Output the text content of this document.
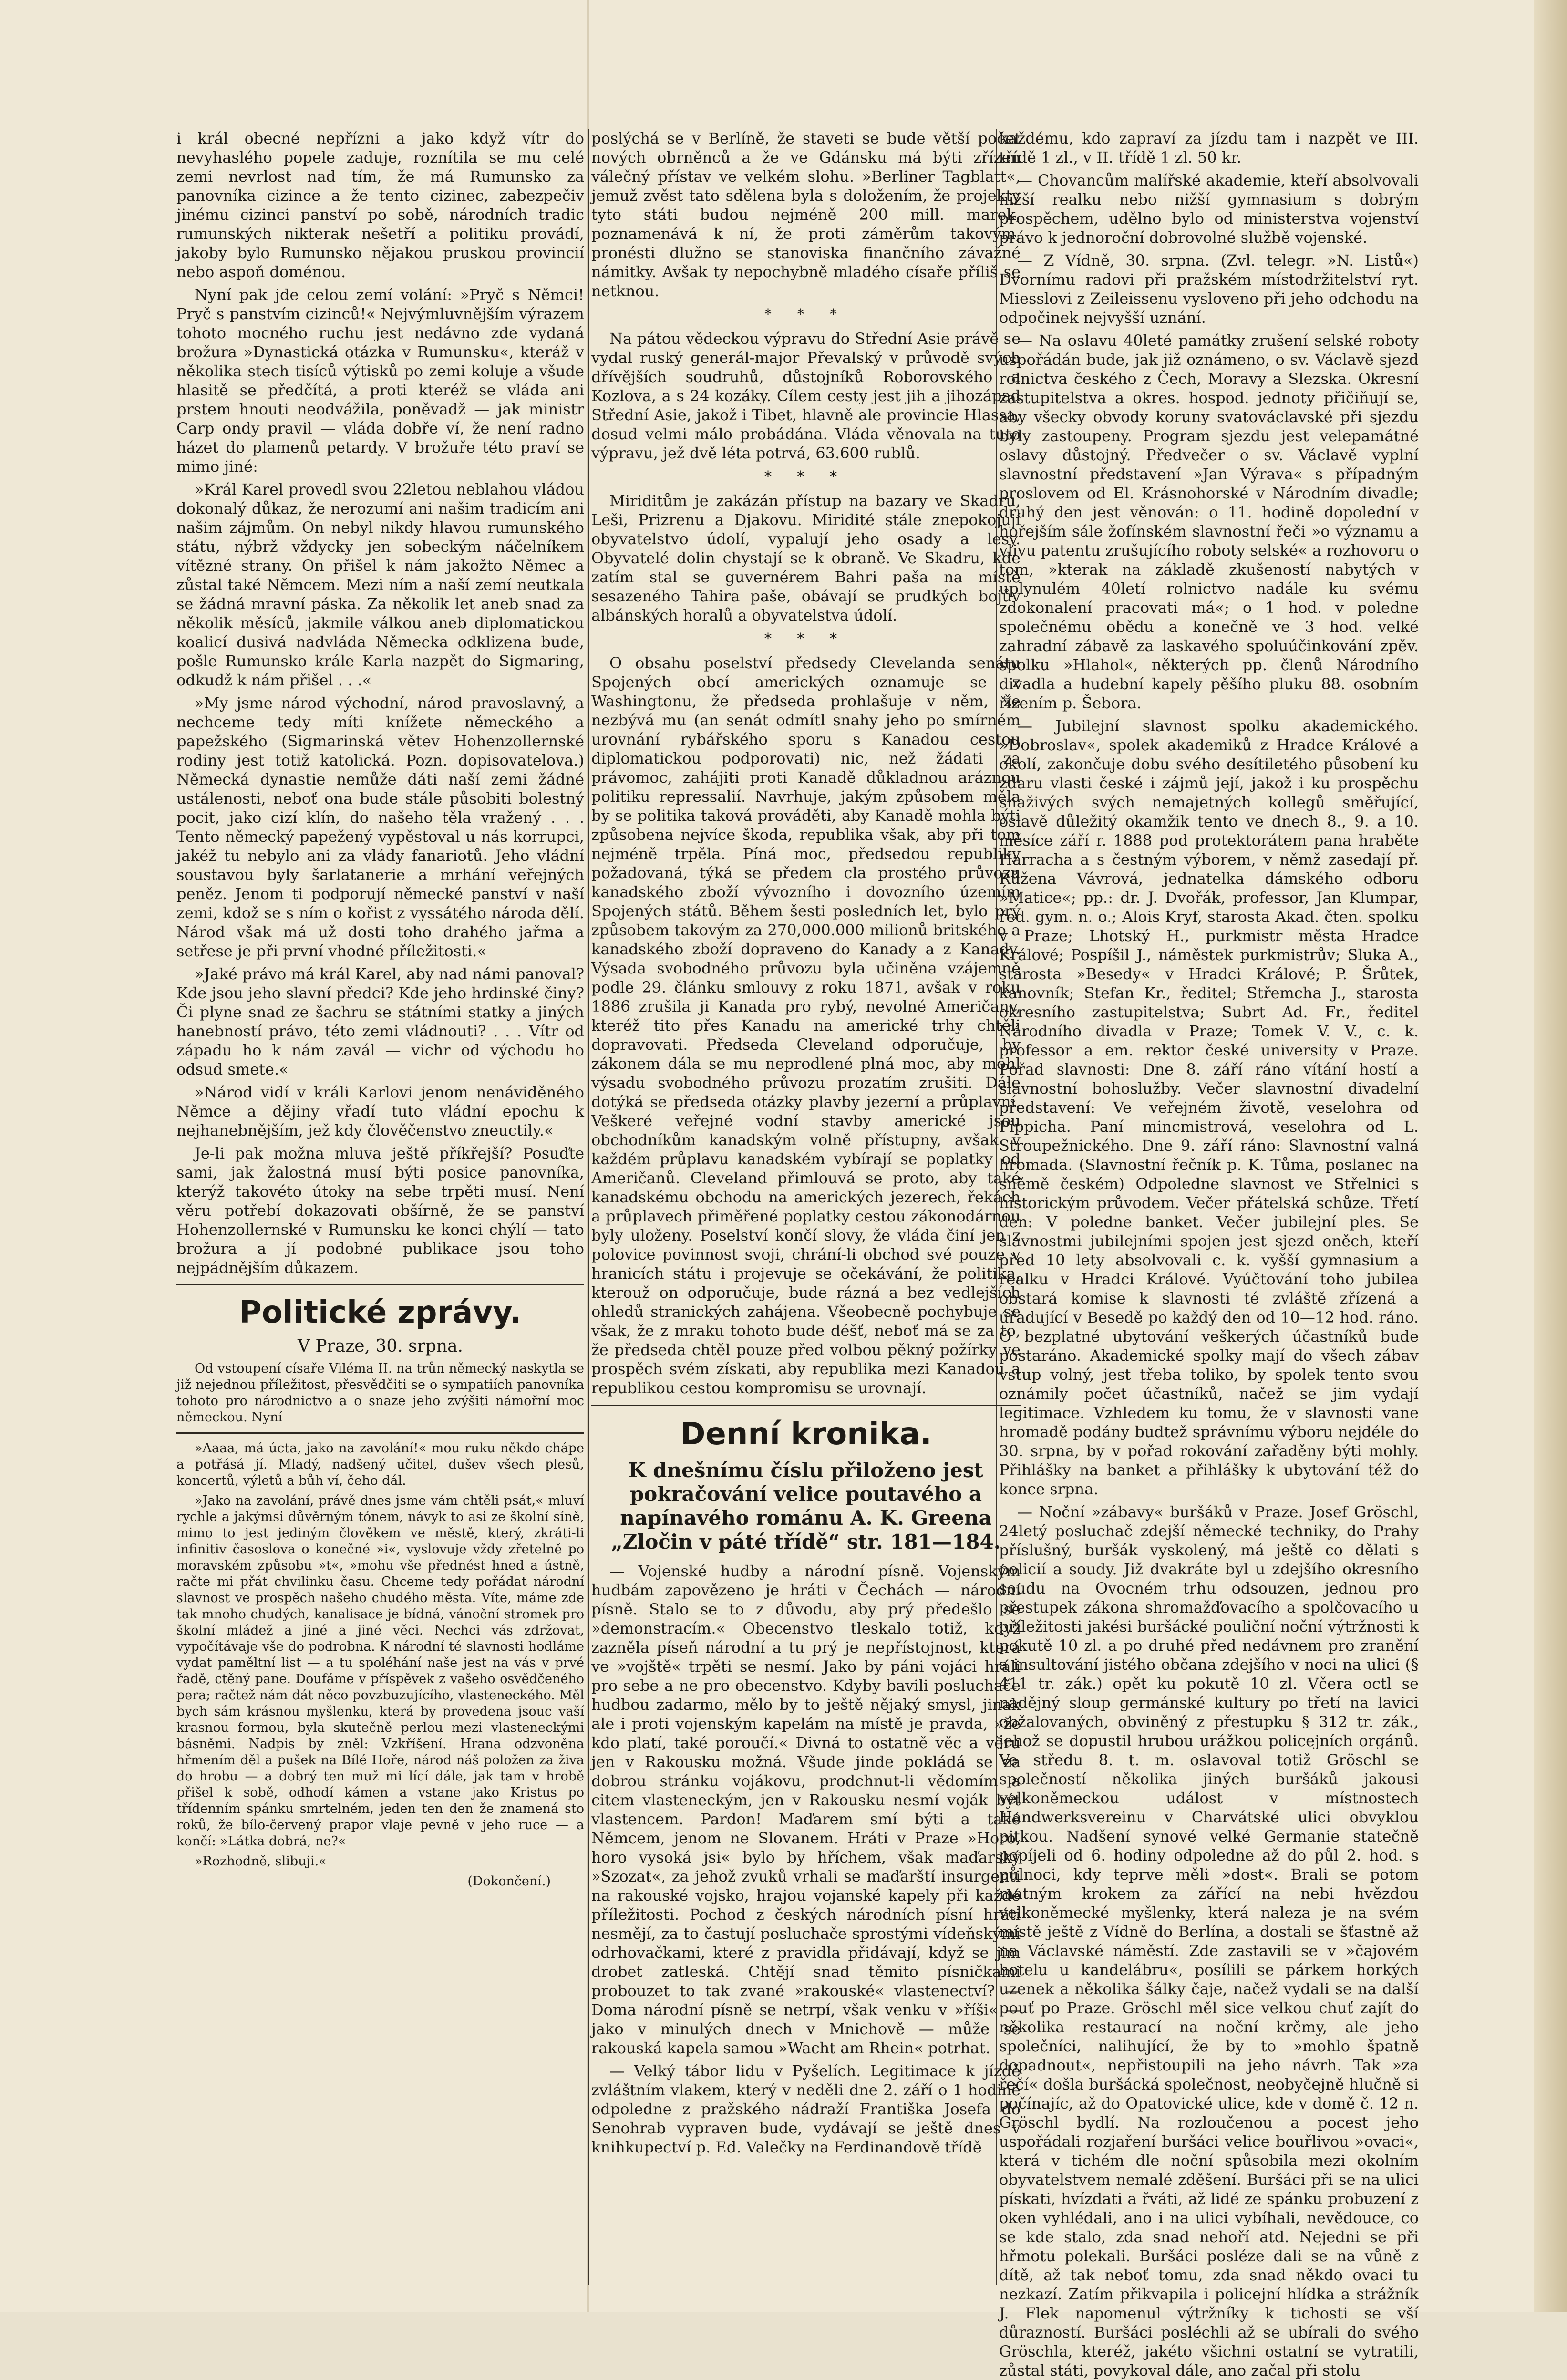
i král obecné nepřízni a jako když vítr do nevyhaslého popele zaduje, roznítila se mu celé zemi nevrlost nad tím, že má Rumunsko za panovníka cizince a že tento cizinec, zabezpečiv jinému cizinci panství po sobě, národních tradic rumunských nikterak nešetří a politiku provádí, jakoby bylo Rumunsko nějakou pruskou provincií nebo aspoň doménou.

Nyní pak jde celou zemí volání: »Pryč s Němci! Pryč s panstvím cizinců!« Nejvýmluvnějším výrazem tohoto mocného ruchu jest nedávno zde vydaná brožura »Dynastická otázka v Rumunsku«, kteráž v několika stech tisíců výtisků po zemi koluje a všude hlasitě se předčítá, a proti kteréž se vláda ani prstem hnouti neodvážila, poněvadž — jak ministr Carp ondy pravil — vláda dobře ví, že není radno házet do plamenů petardy. V brožuře této praví se mimo jiné:

»Král Karel provedl svou 22letou neblahou vládou dokonalý důkaz, že nerozumí ani našim tradicím ani našim zájmům. On nebyl nikdy hlavou rumunského státu, nýbrž vždycky jen sobeckým náčelníkem vítězné strany. On přišel k nám jakožto Němec a zůstal také Němcem. Mezi ním a naší zemí neutkala se žádná mravní páska. Za několik let aneb snad za několik měsíců, jakmile válkou aneb diplomatickou koalicí dusivá nadvláda Německa odklizena bude, pošle Rumunsko krále Karla nazpět do Sigmaring, odkudž k nám přišel . . .«

»My jsme národ východní, národ pravoslavný, a nechceme tedy míti knížete německého a papežského (Sigmarinská větev Hohenzollernské rodiny jest totiž katolická. Pozn. dopisovatelova.) Německá dynastie nemůže dáti naší zemi žádné ustálenosti, neboť ona bude stále působiti bolestný pocit, jako cizí klín, do našeho těla vražený . . . Tento německý papežený vypěstoval u nás korrupci, jakéž tu nebylo ani za vlády fanariotů. Jeho vládní soustavou byly šarlatanerie a mrhání veřejných peněz. Jenom ti podporují německé panství v naší zemi, kdož se s ním o kořist z vyssátého národa dělí. Národ však má už dosti toho drahého jařma a setřese je při první vhodné příležitosti.«

»Jaké právo má král Karel, aby nad námi panoval? Kde jsou jeho slavní předci? Kde jeho hrdinské činy? Či plyne snad ze šachru se státními statky a jiných hanebností právo, této zemi vládnouti? . . . Vítr od západu ho k nám zavál — vichr od východu ho odsud smete.«

»Národ vidí v králi Karlovi jenom nenáviděného Němce a dějiny vřadí tuto vládní epochu k nejhanebnějším, jež kdy člověčenstvo zneuctily.«

Je-li pak možna mluva ještě příkřejší? Posuďte sami, jak žalostná musí býti posice panovníka, kterýž takovéto útoky na sebe trpěti musí. Není věru potřebí dokazovati obšírně, že se panství Hohenzollernské v Rumunsku ke konci chýlí — tato brožura a jí podobné publikace jsou toho nejpádnějším důkazem.

Politické zprávy.
V Praze, 30. srpna.

Od vstoupení císaře Viléma II. na trůn německý naskytla se již nejednou příležitost, přesvědčiti se o sympatiích panovníka tohoto pro národnictvo a o snaze jeho zvýšiti námořní moc německou. Nyní

»Aaaa, má úcta, jako na zavolání!« mou ruku někdo chápe a potřásá jí. Mladý, nadšený učitel, dušev všech plesů, koncertů, výletů a bůh ví, čeho dál.

»Jako na zavolání, právě dnes jsme vám chtěli psát,« mluví rychle a jakýmsi důvěrným tónem, návyk to asi ze školní síně, mimo to jest jediným člověkem ve městě, který, zkráti-li infinitiv časoslova o konečné »i«, vyslovuje vždy zřetelně po moravském způsobu »t«, »mohu vše přednést hned a ústně, račte mi přát chvilinku času. Chceme tedy pořádat národní slavnost ve prospěch našeho chudého města. Víte, máme zde tak mnoho chudých, kanalisace je bídná, vánoční stromek pro školní mládež a jiné a jiné věci. Nechci vás zdržovat, vypočítávaje vše do podrobna. K národní té slavnosti hodláme vydat paměltní list — a tu spoléhání naše jest na vás v prvé řadě, ctěný pane. Doufáme v příspěvek z vašeho osvědčeného pera; račtež nám dát něco povzbuzujícího, vlasteneckého. Měl bych sám krásnou myšlenku, která by provedena jsouc vaší krasnou formou, byla skutečně perlou mezi vlasteneckými básněmi. Nadpis by zněl: Vzkříšení. Hrana odzvoněna hřmením děl a pušek na Bílé Hoře, národ náš položen za živa do hrobu — a dobrý ten muž mi lící dále, jak tam v hrobě přišel k sobě, odhodí kámen a vstane jako Kristus po třídenním spánku smrtelném, jeden ten den že znamená sto roků, že bílo-červený prapor vlaje pevně v jeho ruce — a končí: »Látka dobrá, ne?«

»Rozhodně, slibuji.«

(Dokončení.)

poslýchá se v Berlíně, že staveti se bude větší počet nových obrněnců a že ve Gdánsku má býti zřízen válečný přístav ve velkém slohu. »Berliner Tagblatt«, jemuž zvěst tato sdělena byla s doložením, že projekty tyto státi budou nejméně 200 mill. marek, poznamenává k ní, že proti záměrům takovým, pronésti dlužno se stanoviska finančního závažné námitky. Avšak ty nepochybně mladého císaře příliš se netknou.

* * *

Na pátou vědeckou výpravu do Střední Asie právě se vydal ruský generál-major Převalský v průvodě svých dřívějších soudruhů, důstojníků Roborovského a Kozlova, a s 24 kozáky. Cílem cesty jest jih a jihozápad Střední Asie, jakož i Tibet, hlavně ale provincie Hlassa, dosud velmi málo probádána. Vláda věnovala na tuto výpravu, jež dvě léta potrvá, 63.600 rublů.

* * *

Miriditům je zakázán přístup na bazary ve Skadru, Leši, Prizrenu a Djakovu. Miridité stále znepokojují obyvatelstvo údolí, vypalují jeho osady a lesy. Obyvatelé dolin chystají se k obraně. Ve Skadru, kde zatím stal se guvernérem Bahri paša na místě sesazeného Tahira paše, obávají se prudkých bojův albánských horalů a obyvatelstva údolí.

* * *

O obsahu poselství předsedy Clevelanda senátu Spojených obcí amerických oznamuje se z Washingtonu, že předseda prohlašuje v něm, že nezbývá mu (an senát odmítl snahy jeho po smírném urovnání rybářského sporu s Kanadou cestou diplomatickou podporovati) nic, než žádati za právomoc, zahájiti proti Kanadě důkladnou aráznou politiku repressalií. Navrhuje, jakým způsobem měla by se politika taková prováděti, aby Kanadě mohla býti způsobena nejvíce škoda, republika však, aby při tom nejméně trpěla. Píná moc, předsedou republiky požadovaná, týká se předem cla prostého průvozu kanadského zboží vývozního i dovozního územím Spojených států. Během šesti posledních let, bylo prý způsobem takovým za 270,000.000 milionů britského a kanadského zboží dopraveno do Kanady a z Kanady. Výsada svobodného průvozu byla učiněna vzájemně podle 29. článku smlouvy z roku 1871, avšak v roku 1886 zrušila ji Kanada pro rybý, nevolné Američany, kteréž tito přes Kanadu na americké trhy chtěli dopravovati. Předseda Cleveland odporučuje, by zákonem dála se mu neprodlené plná moc, aby mohl výsadu svobodného průvozu prozatím zrušiti. Dále dotýká se předseda otázky plavby jezerní a průplavní. Veškeré veřejné vodní stavby americké jsou obchodníkům kanadským volně přístupny, avšak v každém průplavu kanadském vybírají se poplatky od Američanů. Cleveland přimlouvá se proto, aby také kanadskému obchodu na amerických jezerech, řekách a průplavech přiměřené poplatky cestou zákonodárnou byly uloženy. Poselství končí slovy, že vláda činí jen z polovice povinnost svoji, chrání-li obchod své pouze v hranicích státu i projevuje se očekávání, že politika, kterouž on odporučuje, bude rázná a bez vedlejších ohledů stranických zahájena. Všeobecně pochybuje se však, že z mraku tohoto bude déšť, neboť má se za to, že předseda chtěl pouze před volbou pěkný požírky ve prospěch svém získati, aby republika mezi Kanadou a republikou cestou kompromisu se urovnají.

Denní kronika.
K dnešnímu číslu přiloženo jest pokračování velice poutavého a napínavého románu A. K. Greena „Zločin v páté třídě“ str. 181—184.

— Vojenské hudby a národní písně. Vojenským hudbám zapovězeno je hráti v Čechách — národní písně. Stalo se to z důvodu, aby prý předešlo se »demonstracím.« Obecenstvo tleskalo totiž, když zazněla píseň národní a tu prý je nepřístojnost, která ve »vojště« trpěti se nesmí. Jako by páni vojáci hráli pro sebe a ne pro obecenstvo. Kdyby bavili posluchače hudbou zadarmo, mělo by to ještě nějaký smysl, jinak ale i proti vojenským kapelám na místě je pravda, »že kdo platí, také poroučí.« Divná to ostatně věc a věru jen v Rakousku možná. Všude jinde pokládá se za dobrou stránku vojákovu, prodchnut-li vědomím a citem vlasteneckým, jen v Rakousku nesmí voják být vlastencem. Pardon! Maďarem smí býti a také Němcem, jenom ne Slovanem. Hráti v Praze »Horo, horo vysoká jsi« bylo by hříchem, však maďarský »Szozat«, za jehož zvuků vrhali se maďarští insurgenti na rakouské vojsko, hrajou vojanské kapely při každé příležitosti. Pochod z českých národních písní hráti nesmějí, za to častují posluchače sprostými vídeňskými odrhovačkami, které z pravidla přidávají, když se jim drobet zatleská. Chtějí snad těmito písničkami probouzet to tak zvané »rakouské« vlastenectví? — Doma národní písně se netrpí, však venku v »říši« — jako v minulých dnech v Mnichově — může se rakouská kapela samou »Wacht am Rhein« potrhat.

— Velký tábor lidu v Pyšelích. Legitimace k jízdě zvláštním vlakem, který v neděli dne 2. září o 1 hodině odpoledne z pražského nádraží Františka Josefa do Senohrab vypraven bude, vydávají se ještě dnes v knihkupectví p. Ed. Valečky na Ferdinandově třídě

každému, kdo zapraví za jízdu tam i nazpět ve III. třídě 1 zl., v II. třídě 1 zl. 50 kr.

— Chovancům malířské akademie, kteří absolvovali nižší realku nebo nižší gymnasium s dobrým prospěchem, udělno bylo od ministerstva vojenství právo k jednoroční dobrovolné službě vojenské.

— Z Vídně, 30. srpna. (Zvl. telegr. »N. Listů«) Dvornímu radovi při pražském místodržitelství ryt. Miesslovi z Zeileissenu vysloveno při jeho odchodu na odpočinek nejvyšší uznání.

— Na oslavu 40leté památky zrušení selské roboty uspořádán bude, jak již oznámeno, o sv. Václavě sjezd rolnictva českého z Čech, Moravy a Slezska. Okresní zastupitelstva a okres. hospod. jednoty přičiňují se, aby všecky obvody koruny svatováclavské při sjezdu byly zastoupeny. Program sjezdu jest velepamátné oslavy důstojný. Předvečer o sv. Václavě vyplní slavnostní představení »Jan Výrava« s případným proslovem od El. Krásnohorské v Národním divadle; druhý den jest věnován: o 11. hodině dopolední v hořejším sále žofínském slavnostní řeči »o významu a vlivu patentu zrušujícího roboty selské« a rozhovoru o tom, »kterak na základě zkušeností nabytých v uplynulém 40letí rolnictvo nadále ku svému zdokonalení pracovati má«; o 1 hod. v poledne společnému obědu a konečně ve 3 hod. velké zahradní zábavě za laskavého spoluúčinkování zpěv. spolku »Hlahol«, některých pp. členů Národního divadla a hudební kapely pěšího pluku 88. osobním řízením p. Šebora.

— Jubilejní slavnost spolku akademického. »Dobroslav«, spolek akademiků z Hradce Králové a okolí, zakončuje dobu svého desítiletého působení ku zdaru vlasti české i zájmů její, jakož i ku prospěchu snaživých svých nemajetných kollegů směřující, oslavě důležitý okamžik tento ve dnech 8., 9. a 10. měsíce září r. 1888 pod protektorátem pana hraběte Harracha a s čestným výborem, v němž zasedají př. Růžena Vávrová, jednatelka dámského odboru »Matice«; pp.: dr. J. Dvořák, professor, Jan Klumpar, řed. gym. n. o.; Alois Kryf, starosta Akad. čten. spolku v Praze; Lhotský H., purkmistr města Hradce Králové; Pospíšil J., náměstek purkmistrův; Sluka A., starosta »Besedy« v Hradci Králové; P. Šrůtek, kanovník; Stefan Kr., ředitel; Střemcha J., starosta okresního zastupitelstva; Subrt Ad. Fr., ředitel Národního divadla v Praze; Tomek V. V., c. k. professor a em. rektor české university v Praze. Pořad slavnosti: Dne 8. září ráno vítání hostí a slavnostní bohoslužby. Večer slavnostní divadelní představení: Ve veřejném životě, veselohra od Pippicha. Paní mincmistrová, veselohra od L. Stroupežnického. Dne 9. září ráno: Slavnostní valná hromada. (Slavnostní řečník p. K. Tůma, poslanec na sněmě českém) Odpoledne slavnost ve Střelnici s historickým průvodem. Večer přátelská schůze. Třetí den: V poledne banket. Večer jubilejní ples. Se slavnostmi jubilejními spojen jest sjezd oněch, kteří před 10 lety absolvovali c. k. vyšší gymnasium a realku v Hradci Králové. Vyúčtování toho jubilea obstará komise k slavnosti té zvláště zřízená a úřadující v Besedě po každý den od 10—12 hod. ráno. O bezplatné ubytování veškerých účastníků bude postaráno. Akademické spolky mají do všech zábav vstup volný, jest třeba toliko, by spolek tento svou oznámily počet účastníků, načež se jim vydají legitimace. Vzhledem ku tomu, že v slavnosti vane hromadě podány budtež správnímu výboru nejdéle do 30. srpna, by v pořad rokování zařaděny býti mohly. Přihlášky na banket a přihlášky k ubytování též do konce srpna.

— Noční »zábavy« buršáků v Praze. Josef Gröschl, 24letý posluchač zdejší německé techniky, do Prahy příslušný, buršák vyskolený, má ještě co dělati s policií a soudy. Již dvakráte byl u zdejšího okresního soudu na Ovocném trhu odsouzen, jednou pro přestupek zákona shromažďovacího a spolčovacího u příležitosti jakési buršácké pouliční noční výtržnosti k pokutě 10 zl. a po druhé před nedávnem pro zranění a insultování jistého občana zdejšího v noci na ulici (§ 411 tr. zák.) opět ku pokutě 10 zl. Včera octl se nadějný sloup germánské kultury po třetí na lavici obžalovaných, obviněný z přestupku § 312 tr. zák., jehož se dopustil hrubou urážkou policejních orgánů. Ve středu 8. t. m. oslavoval totiž Gröschl se společností několika jiných buršáků jakousi velkoněmeckou událost v místnostech Handwerksvereinu v Charvátské ulici obvyklou pitkou. Nadšení synové velké Germanie statečně popíjeli od 6. hodiny odpoledne až do půl 2. hod. s půlnoci, kdy teprve měli »dost«. Brali se potom matným krokem za zářící na nebi hvězdou velkoněmecké myšlenky, která naleza je na svém místě ještě z Vídně do Berlína, a dostali se šťastně až na Václavské náměstí. Zde zastavili se v »čajovém hotelu u kandelábru«, posílili se párkem horkých uzenek a několika šálky čaje, načež vydali se na další pouť po Praze. Gröschl měl sice velkou chuť zajít do několika restaurací na noční krčmy, ale jeho společníci, nalihující, že by to »mohlo špatně dopadnout«, nepřistoupili na jeho návrh. Tak »za řečí« došla buršácká společnost, neobyčejně hlučně si počínajíc, až do Opatovické ulice, kde v domě č. 12 n. Gröschl bydlí. Na rozloučenou a pocest jeho uspořádali rozjaření buršáci velice bouřlivou »ovaci«, která v tichém dle noční spůsobila mezi okolním obyvatelstvem nemalé zděšení. Buršáci při se na ulici pískati, hvízdati a řváti, až lidé ze spánku probuzení z oken vyhlédali, ano i na ulici vybíhali, nevědouce, co se kde stalo, zda snad nehoří atd. Nejedni se při hřmotu polekali. Buršáci posléze dali se na vůně z dítě, až tak neboť tomu, zda snad někdo ovaci tu nezkazí. Zatím přikvapila i policejní hlídka a strážník J. Flek napomenul výtržníky k tichosti se vší důrazností. Buršáci posléchli až se ubírali do svého Gröschla, kteréž, jakéto všichni ostatní se vytratili, zůstal státi, povykoval dále, ano začal při stolu
